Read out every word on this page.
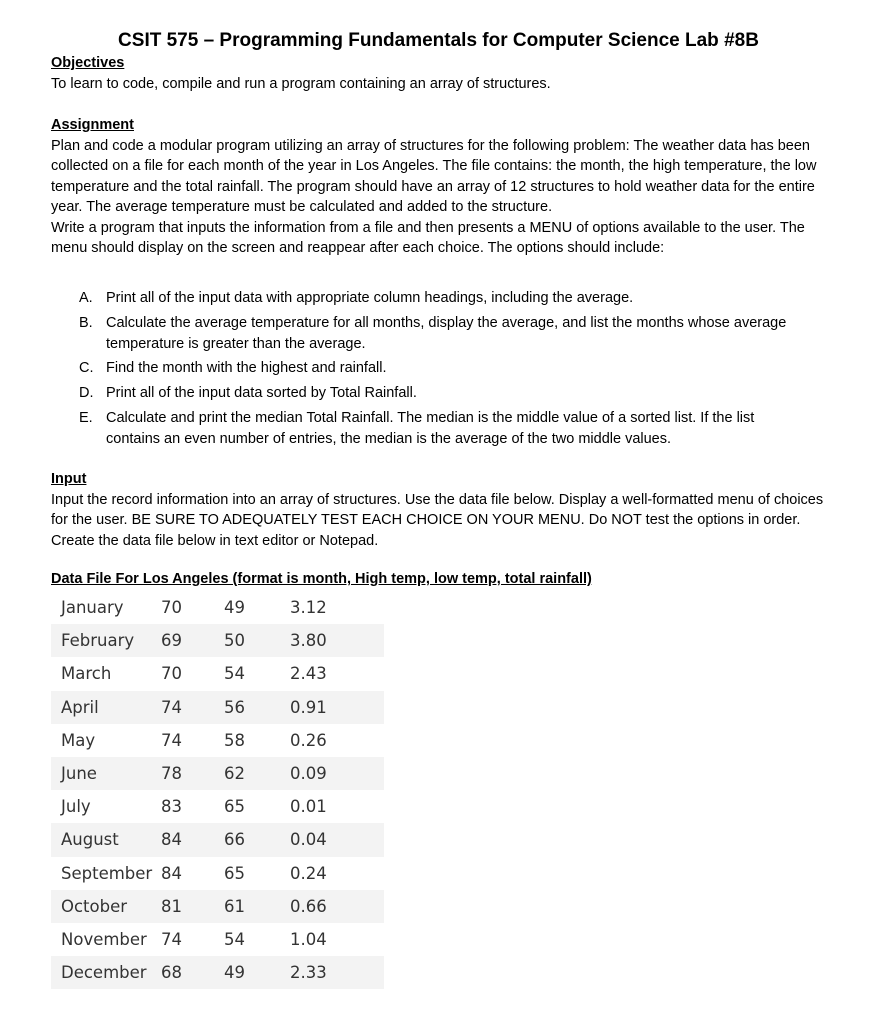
CSIT 575 – Programming Fundamentals for Computer Science Lab #8B
Objectives

To learn to code, compile and run a program containing an array of structures.

Assignment

Plan and code a modular program utilizing an array of structures for the following problem: The weather data has been collected on a file for each month of the year in Los Angeles. The file contains: the month, the high temperature, the low temperature and the total rainfall. The program should have an array of 12 structures to hold weather data for the entire year. The average temperature must be calculated and added to the structure.

Write a program that inputs the information from a file and then presents a MENU of options available to the user. The menu should display on the screen and reappear after each choice. The options should include:

A. Print all of the input data with appropriate column headings, including the average.
B. Calculate the average temperature for all months, display the average, and list the months whose average temperature is greater than the average.
C. Find the month with the highest and rainfall.
D. Print all of the input data sorted by Total Rainfall.
E. Calculate and print the median Total Rainfall. The median is the middle value of a sorted list. If the list contains an even number of entries, the median is the average of the two middle values.
Input

Input the record information into an array of structures. Use the data file below. Display a well-formatted menu of choices for the user. BE SURE TO ADEQUATELY TEST EACH CHOICE ON YOUR MENU. Do NOT test the options in order. Create the data file below in text editor or Notepad.

Data File For Los Angeles (format is month, High temp, low temp, total rainfall)
January 70	49	3.12
February 69	50	3.80
March	70	54	2.43
April	74	56	0.91
May	74	58	0.26
June	78	62	0.09
July	83	65	0.01
August	84	66	0.04
September 84	65	0.24
October 81	61	0.66
November 74	54	1.04
December 68	49	2.33
